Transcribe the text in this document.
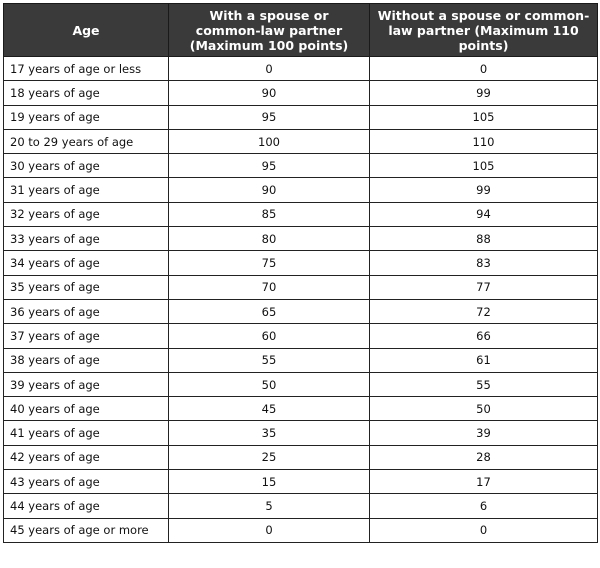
Age	With a spouse or common-law partner (Maximum 100 points)	Without a spouse or common-law partner (Maximum 110 points)
17 years of age or less	0	0
18 years of age	90	99
19 years of age	95	105
20 to 29 years of age	100	110
30 years of age	95	105
31 years of age	90	99
32 years of age	85	94
33 years of age	80	88
34 years of age	75	83
35 years of age	70	77
36 years of age	65	72
37 years of age	60	66
38 years of age	55	61
39 years of age	50	55
40 years of age	45	50
41 years of age	35	39
42 years of age	25	28
43 years of age	15	17
44 years of age	5	6
45 years of age or more	0	0
